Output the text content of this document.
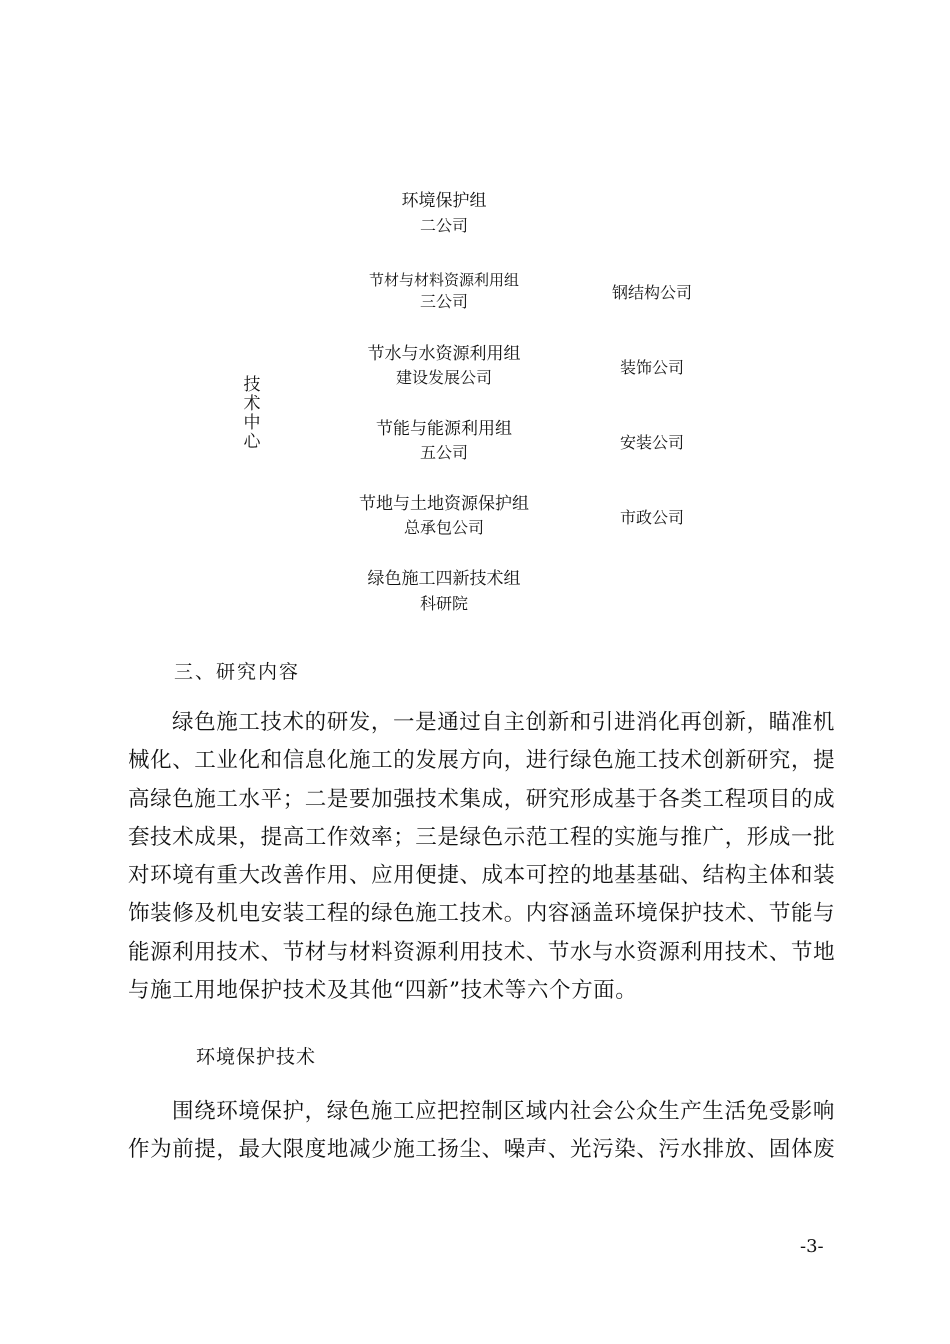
技
术
中
心
环境保护组
二公司
节材与材料资源利用组
三公司
节水与水资源利用组
建设发展公司
节能与能源利用组
五公司
节地与土地资源保护组
总承包公司
绿色施工四新技术组
科研院
钢结构公司
装饰公司
安装公司
市政公司
三、研究内容
绿色施工技术的研发，一是通过自主创新和引进消化再创新，瞄准机
械化、工业化和信息化施工的发展方向，进行绿色施工技术创新研究，提
高绿色施工水平；二是要加强技术集成，研究形成基于各类工程项目的成
套技术成果，提高工作效率；三是绿色示范工程的实施与推广，形成一批
对环境有重大改善作用、应用便捷、成本可控的地基基础、结构主体和装
饰装修及机电安装工程的绿色施工技术。内容涵盖环境保护技术、节能与
能源利用技术、节材与材料资源利用技术、节水与水资源利用技术、节地
与施工用地保护技术及其他“四新”技术等六个方面。
环境保护技术
围绕环境保护，绿色施工应把控制区域内社会公众生产生活免受影响
作为前提，最大限度地减少施工扬尘、噪声、光污染、污水排放、固体废
-3-
